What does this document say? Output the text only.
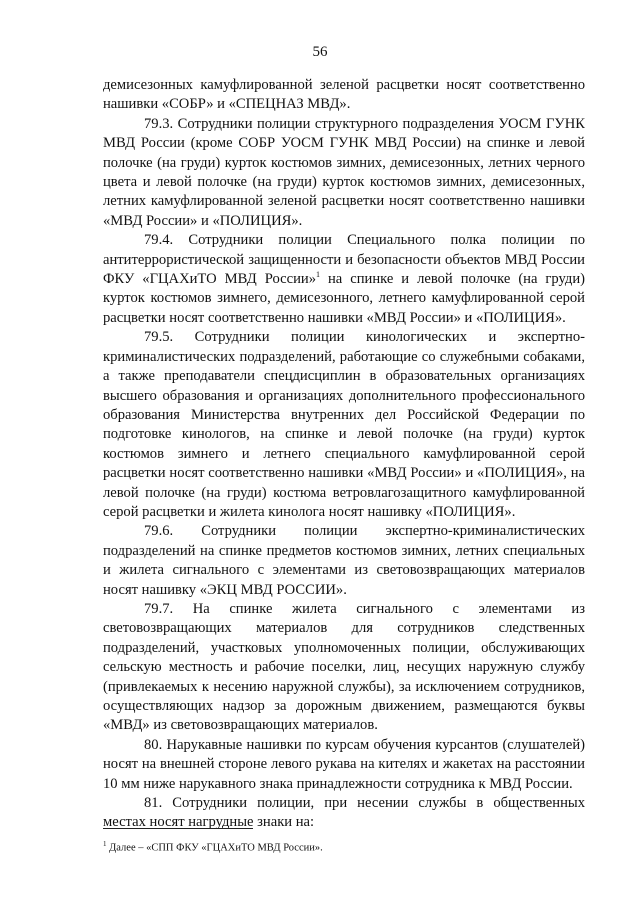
56

демисезонных камуфлированной зеленой расцветки носят соответственно нашивки «СОБР» и «СПЕЦНАЗ МВД».

79.3. Сотрудники полиции структурного подразделения УОСМ ГУНК МВД России (кроме СОБР УОСМ ГУНК МВД России) на спинке и левой полочке (на груди) курток костюмов зимних, демисезонных, летних черного цвета и левой полочке (на груди) курток костюмов зимних, демисезонных, летних камуфлированной зеленой расцветки носят соответственно нашивки «МВД России» и «ПОЛИЦИЯ».

79.4. Сотрудники полиции Специального полка полиции по антитеррористической защищенности и безопасности объектов МВД России ФКУ «ГЦАХиТО МВД России»$^1$ на спинке и левой полочке (на груди) курток костюмов зимнего, демисезонного, летнего камуфлированной серой расцветки носят соответственно нашивки «МВД России» и «ПОЛИЦИЯ».

79.5. Сотрудники полиции кинологических и экспертно-криминалистических подразделений, работающие со служебными собаками, а также преподаватели спецдисциплин в образовательных организациях высшего образования и организациях дополнительного профессионального образования Министерства внутренних дел Российской Федерации по подготовке кинологов, на спинке и левой полочке (на груди) курток костюмов зимнего и летнего специального камуфлированной серой расцветки носят соответственно нашивки «МВД России» и «ПОЛИЦИЯ», на левой полочке (на груди) костюма ветровлагозащитного камуфлированной серой расцветки и жилета кинолога носят нашивку «ПОЛИЦИЯ».

79.6. Сотрудники полиции экспертно-криминалистических подразделений на спинке предметов костюмов зимних, летних специальных и жилета сигнального с элементами из световозвращающих материалов носят нашивку «ЭКЦ МВД РОССИИ».

79.7. На спинке жилета сигнального с элементами из световозвращающих материалов для сотрудников следственных подразделений, участковых уполномоченных полиции, обслуживающих сельскую местность и рабочие поселки, лиц, несущих наружную службу (привлекаемых к несению наружной службы), за исключением сотрудников, осуществляющих надзор за дорожным движением, размещаются буквы «МВД» из световозвращающих материалов.

80. Нарукавные нашивки по курсам обучения курсантов (слушателей) носят на внешней стороне левого рукава на кителях и жакетах на расстоянии 10 мм ниже нарукавного знака принадлежности сотрудника к МВД России.

81. Сотрудники полиции, при несении службы в общественных местах носят нагрудные знаки на:

$^1$ Далее – «СПП ФКУ «ГЦАХиТО МВД России».
